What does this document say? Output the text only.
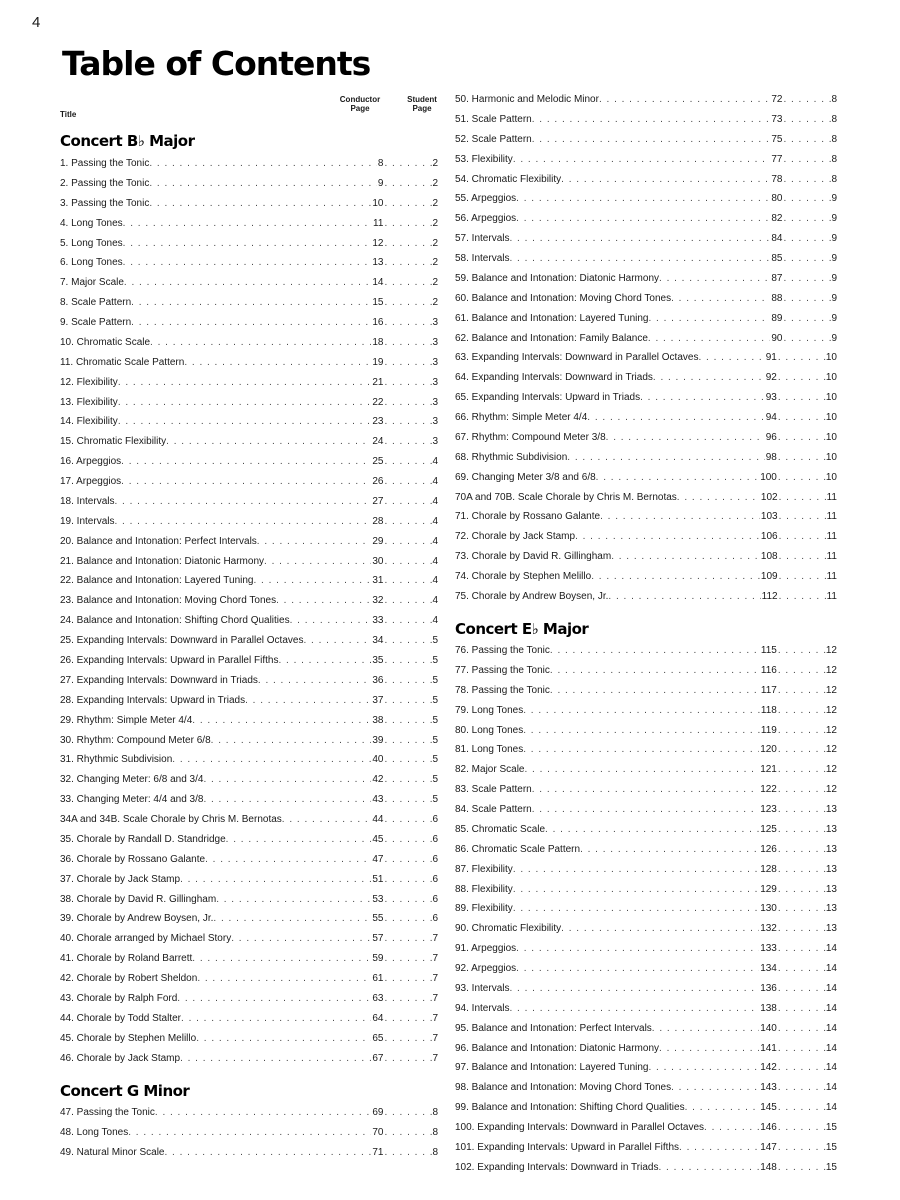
4
Table of Contents
Title
Conductor Page
Student Page
Concert B♭ Major
1. Passing the Tonic . . .	8 . . .	2
2. Passing the Tonic . . .	9 . . .	2
3. Passing the Tonic . . .	10 . . .	2
4. Long Tones . . .	11 . . .	2
5. Long Tones . . .	12 . . .	2
6. Long Tones . . .	13 . . .	2
7. Major Scale . . .	14 . . .	2
8. Scale Pattern . . .	15 . . .	2
9. Scale Pattern . . .	16 . . .	3
10. Chromatic Scale . . .	18 . . .	3
11. Chromatic Scale Pattern . . .	19 . . .	3
12. Flexibility . . .	21 . . .	3
13. Flexibility . . .	22 . . .	3
14. Flexibility . . .	23 . . .	3
15. Chromatic Flexibility . . .	24 . . .	3
16. Arpeggios . . .	25 . . .	4
17. Arpeggios . . .	26 . . .	4
18. Intervals . . .	27 . . .	4
19. Intervals . . .	28 . . .	4
20. Balance and Intonation: Perfect Intervals . . .	29 . . .	4
21. Balance and Intonation: Diatonic Harmony . . .	30 . . .	4
22. Balance and Intonation: Layered Tuning . . .	31 . . .	4
23. Balance and Intonation: Moving Chord Tones . . .	32 . . .	4
24. Balance and Intonation: Shifting Chord Qualities . . .	33 . . .	4
25. Expanding Intervals: Downward in Parallel Octaves . . .	34 . . .	5
26. Expanding Intervals: Upward in Parallel Fifths . . .	35 . . .	5
27. Expanding Intervals: Downward in Triads . . .	36 . . .	5
28. Expanding Intervals: Upward in Triads . . .	37 . . .	5
29. Rhythm: Simple Meter 4/4 . . .	38 . . .	5
30. Rhythm: Compound Meter 6/8 . . .	39 . . .	5
31. Rhythmic Subdivision . . .	40 . . .	5
32. Changing Meter: 6/8 and 3/4 . . .	42 . . .	5
33. Changing Meter: 4/4 and 3/8 . . .	43 . . .	5
34A and 34B. Scale Chorale by Chris M. Bernotas . . .	44 . . .	6
35. Chorale by Randall D. Standridge . . .	45 . . .	6
36. Chorale by Rossano Galante . . .	47 . . .	6
37. Chorale by Jack Stamp . . .	51 . . .	6
38. Chorale by David R. Gillingham . . .	53 . . .	6
39. Chorale by Andrew Boysen, Jr. . . .	55 . . .	6
40. Chorale arranged by Michael Story . . .	57 . . .	7
41. Chorale by Roland Barrett . . .	59 . . .	7
42. Chorale by Robert Sheldon . . .	61 . . .	7
43. Chorale by Ralph Ford . . .	63 . . .	7
44. Chorale by Todd Stalter . . .	64 . . .	7
45. Chorale by Stephen Melillo . . .	65 . . .	7
46. Chorale by Jack Stamp . . .	67 . . .	7
Concert G Minor
47. Passing the Tonic . . .	69 . . .	8
48. Long Tones . . .	70 . . .	8
49. Natural Minor Scale . . .	71 . . .	8
50. Harmonic and Melodic Minor . . .	72 . . .	8
51. Scale Pattern . . .	73 . . .	8
52. Scale Pattern . . .	75 . . .	8
53. Flexibility . . .	77 . . .	8
54. Chromatic Flexibility . . .	78 . . .	8
55. Arpeggios . . .	80 . . .	9
56. Arpeggios . . .	82 . . .	9
57. Intervals . . .	84 . . .	9
58. Intervals . . .	85 . . .	9
59. Balance and Intonation: Diatonic Harmony . . .	87 . . .	9
60. Balance and Intonation: Moving Chord Tones . . .	88 . . .	9
61. Balance and Intonation: Layered Tuning . . .	89 . . .	9
62. Balance and Intonation: Family Balance . . .	90 . . .	9
63. Expanding Intervals: Downward in Parallel Octaves . . .	91 . . .	10
64. Expanding Intervals: Downward in Triads . . .	92 . . .	10
65. Expanding Intervals: Upward in Triads . . .	93 . . .	10
66. Rhythm: Simple Meter 4/4 . . .	94 . . .	10
67. Rhythm: Compound Meter 3/8 . . .	96 . . .	10
68. Rhythmic Subdivision . . .	98 . . .	10
69. Changing Meter 3/8 and 6/8 . . .	100 . . .	10
70A and 70B. Scale Chorale by Chris M. Bernotas . . .	102 . . .	11
71. Chorale by Rossano Galante . . .	103 . . .	11
72. Chorale by Jack Stamp . . .	106 . . .	11
73. Chorale by David R. Gillingham . . .	108 . . .	11
74. Chorale by Stephen Melillo . . .	109 . . .	11
75. Chorale by Andrew Boysen, Jr. . . .	112 . . .	11
Concert E♭ Major
76. Passing the Tonic . . .	115 . . .	12
77. Passing the Tonic . . .	116 . . .	12
78. Passing the Tonic . . .	117 . . .	12
79. Long Tones . . .	118 . . .	12
80. Long Tones . . .	119 . . .	12
81. Long Tones . . .	120 . . .	12
82. Major Scale . . .	121 . . .	12
83. Scale Pattern . . .	122 . . .	12
84. Scale Pattern . . .	123 . . .	13
85. Chromatic Scale . . .	125 . . .	13
86. Chromatic Scale Pattern . . .	126 . . .	13
87. Flexibility . . .	128 . . .	13
88. Flexibility . . .	129 . . .	13
89. Flexibility . . .	130 . . .	13
90. Chromatic Flexibility . . .	132 . . .	13
91. Arpeggios . . .	133 . . .	14
92. Arpeggios . . .	134 . . .	14
93. Intervals . . .	136 . . .	14
94. Intervals . . .	138 . . .	14
95. Balance and Intonation: Perfect Intervals . . .	140 . . .	14
96. Balance and Intonation: Diatonic Harmony . . .	141 . . .	14
97. Balance and Intonation: Layered Tuning . . .	142 . . .	14
98. Balance and Intonation: Moving Chord Tones . . .	143 . . .	14
99. Balance and Intonation: Shifting Chord Qualities . . .	145 . . .	14
100. Expanding Intervals: Downward in Parallel Octaves . . .	146 . . .	15
101. Expanding Intervals: Upward in Parallel Fifths . . .	147 . . .	15
102. Expanding Intervals: Downward in Triads . . .	148 . . .	15
